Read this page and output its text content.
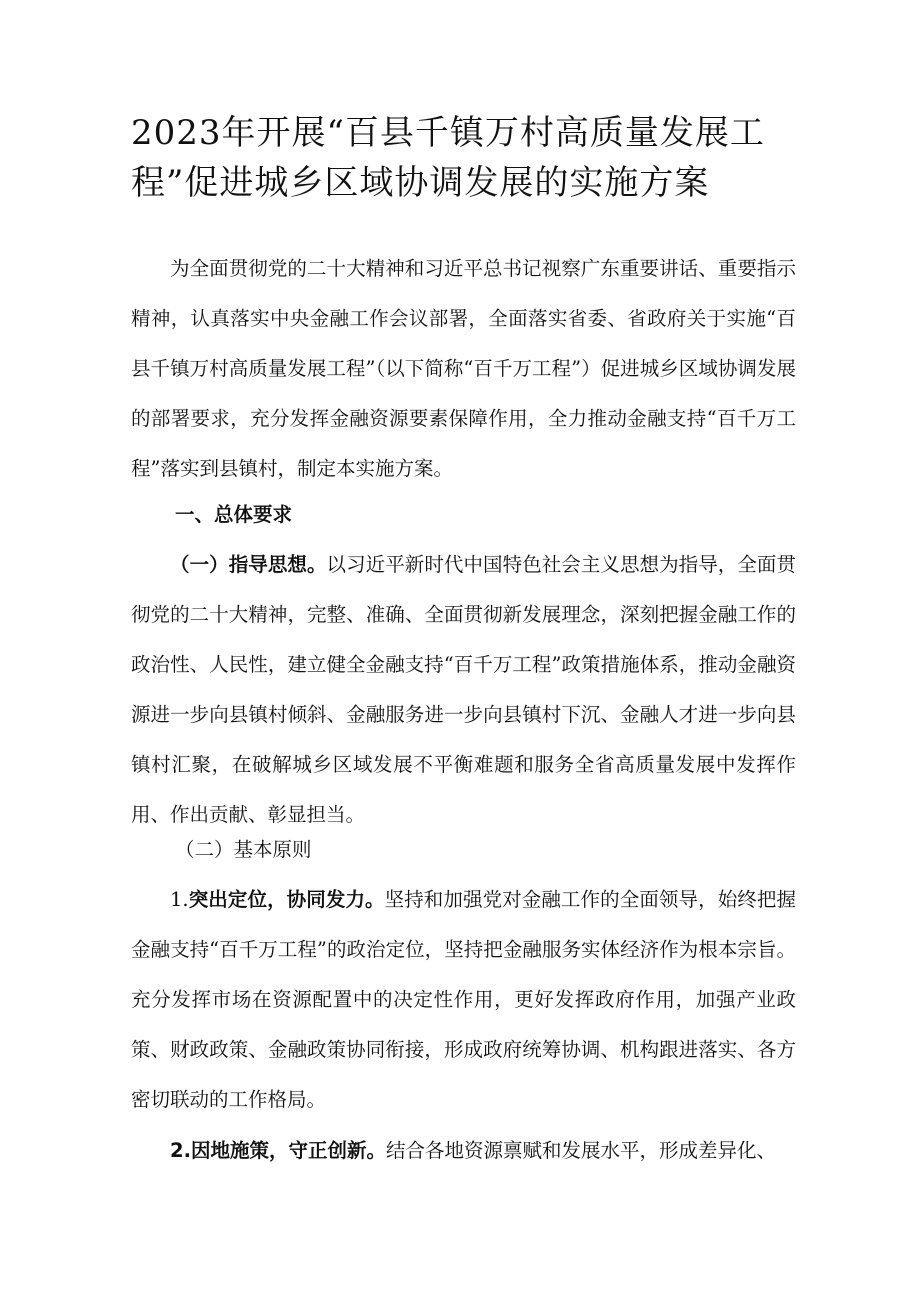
2023年开展“百县千镇万村高质量发展工程”促进城乡区域协调发展的实施方案

为全面贯彻党的二十大精神和习近平总书记视察广东重要讲话、重要指示精神，认真落实中央金融工作会议部署，全面落实省委、省政府关于实施“百县千镇万村高质量发展工程”（以下简称“百千万工程”）促进城乡区域协调发展的部署要求，充分发挥金融资源要素保障作用，全力推动金融支持“百千万工程”落实到县镇村，制定本实施方案。

一、总体要求

（一）指导思想。以习近平新时代中国特色社会主义思想为指导，全面贯彻党的二十大精神，完整、准确、全面贯彻新发展理念，深刻把握金融工作的政治性、人民性，建立健全金融支持“百千万工程”政策措施体系，推动金融资源进一步向县镇村倾斜、金融服务进一步向县镇村下沉、金融人才进一步向县镇村汇聚，在破解城乡区域发展不平衡难题和服务全省高质量发展中发挥作用、作出贡献、彰显担当。

（二）基本原则

1.突出定位，协同发力。坚持和加强党对金融工作的全面领导，始终把握金融支持“百千万工程”的政治定位，坚持把金融服务实体经济作为根本宗旨。充分发挥市场在资源配置中的决定性作用，更好发挥政府作用，加强产业政策、财政政策、金融政策协同衔接，形成政府统筹协调、机构跟进落实、各方密切联动的工作格局。

2.因地施策，守正创新。结合各地资源禀赋和发展水平，形成差异化、
